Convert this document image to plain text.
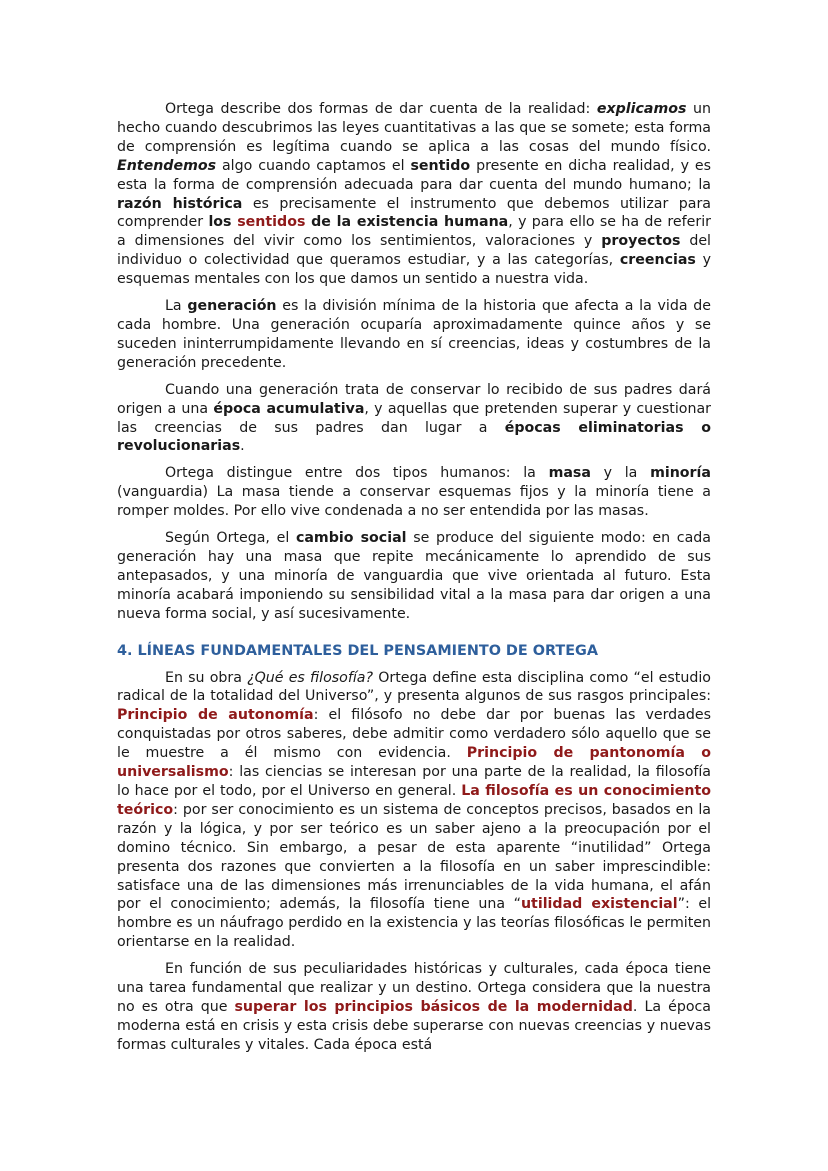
Ortega describe dos formas de dar cuenta de la realidad: explicamos un hecho cuando descubrimos las leyes cuantitativas a las que se somete; esta forma de comprensión es legítima cuando se aplica a las cosas del mundo físico. Entendemos algo cuando captamos el sentido presente en dicha realidad, y es esta la forma de comprensión adecuada para dar cuenta del mundo humano; la razón histórica es precisamente el instrumento que debemos utilizar para comprender los sentidos de la existencia humana, y para ello se ha de referir a dimensiones del vivir como los sentimientos, valoraciones y proyectos del individuo o colectividad que queramos estudiar, y a las categorías, creencias y esquemas mentales con los que damos un sentido a nuestra vida.

La generación es la división mínima de la historia que afecta a la vida de cada hombre. Una generación ocuparía aproximadamente quince años y se suceden ininterrumpidamente llevando en sí creencias, ideas y costumbres de la generación precedente.

Cuando una generación trata de conservar lo recibido de sus padres dará origen a una época acumulativa, y aquellas que pretenden superar y cuestionar las creencias de sus padres dan lugar a épocas eliminatorias o revolucionarias.

Ortega distingue entre dos tipos humanos: la masa y la minoría (vanguardia) La masa tiende a conservar esquemas fijos y la minoría tiene a romper moldes. Por ello vive condenada a no ser entendida por las masas.

Según Ortega, el cambio social se produce del siguiente modo: en cada generación hay una masa que repite mecánicamente lo aprendido de sus antepasados, y una minoría de vanguardia que vive orientada al futuro. Esta minoría acabará imponiendo su sensibilidad vital a la masa para dar origen a una nueva forma social, y así sucesivamente.

4. LÍNEAS FUNDAMENTALES DEL PENSAMIENTO DE ORTEGA

En su obra ¿Qué es filosofía? Ortega define esta disciplina como “el estudio radical de la totalidad del Universo”, y presenta algunos de sus rasgos principales: Principio de autonomía: el filósofo no debe dar por buenas las verdades conquistadas por otros saberes, debe admitir como verdadero sólo aquello que se le muestre a él mismo con evidencia. Principio de pantonomía o universalismo: las ciencias se interesan por una parte de la realidad, la filosofía lo hace por el todo, por el Universo en general. La filosofía es un conocimiento teórico: por ser conocimiento es un sistema de conceptos precisos, basados en la razón y la lógica, y por ser teórico es un saber ajeno a la preocupación por el domino técnico. Sin embargo, a pesar de esta aparente “inutilidad” Ortega presenta dos razones que convierten a la filosofía en un saber imprescindible: satisface una de las dimensiones más irrenunciables de la vida humana, el afán por el conocimiento; además, la filosofía tiene una “utilidad existencial”: el hombre es un náufrago perdido en la existencia y las teorías filosóficas le permiten orientarse en la realidad.

En función de sus peculiaridades históricas y culturales, cada época tiene una tarea fundamental que realizar y un destino. Ortega considera que la nuestra no es otra que superar los principios básicos de la modernidad. La época moderna está en crisis y esta crisis debe superarse con nuevas creencias y nuevas formas culturales y vitales. Cada época está
